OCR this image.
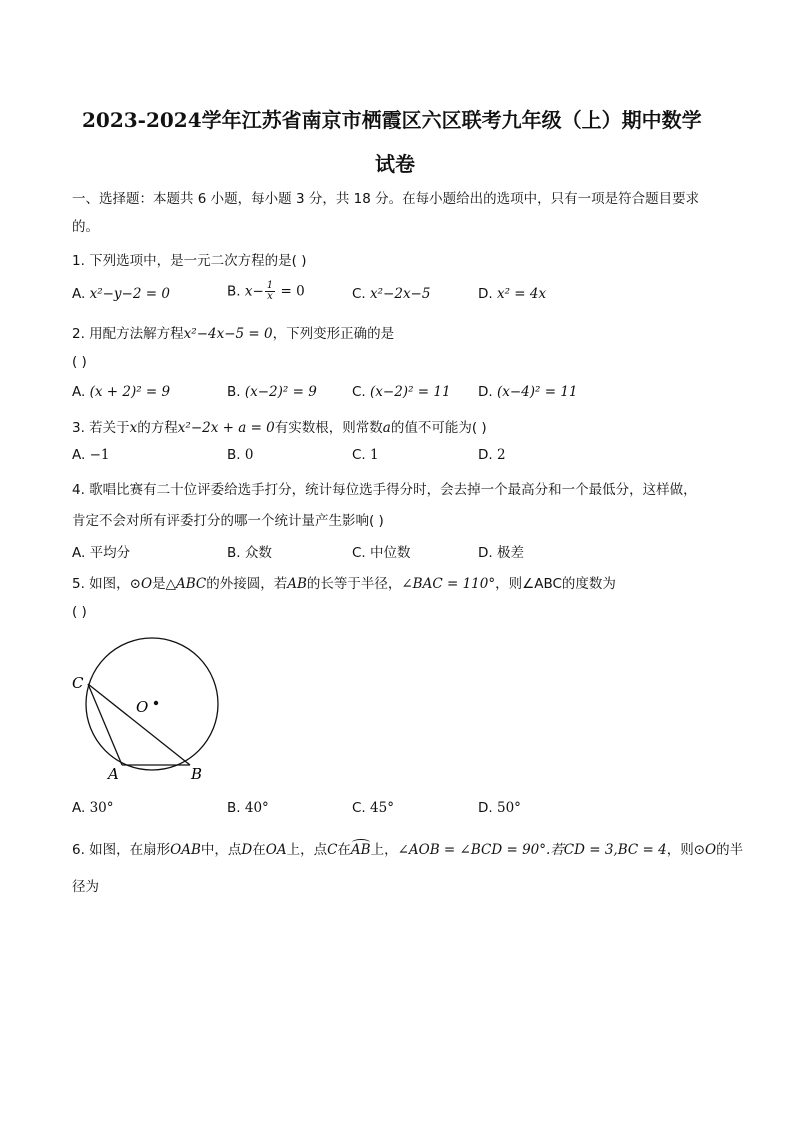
2023-2024学年江苏省南京市栖霞区六区联考九年级（上）期中数学
试卷
一、选择题：本题共 6 小题，每小题 3 分，共 18 分。在每小题给出的选项中，只有一项是符合题目要求
的。
1. 下列选项中，是一元二次方程的是( )
A. x²−y−2 = 0	B. $x- \frac{1}{x} = 0$	C. x²−2x−5	D. x² = 4x
2. 用配方法解方程x²−4x−5 = 0，下列变形正确的是
( )
A. (x + 2)² = 9	B. (x−2)² = 9	C. (x−2)² = 11 D. (x−4)² = 11
3. 若关于x的方程x²−2x + a = 0有实数根，则常数a的值不可能为( )
A. −1	B. 0	C. 1	D. 2
4. 歌唱比赛有二十位评委给选手打分，统计每位选手得分时，会去掉一个最高分和一个最低分，这样做，
肯定不会对所有评委打分的哪一个统计量产生影响( )
A. 平均分	B. 众数	C. 中位数	D. 极差
5. 如图，⊙O是△ABC的外接圆，若AB的长等于半径，∠BAC = 110°，则∠ABC的度数为
( )
C
O
A	B
A. 30°	B. 40°	C. 45°	D. 50°
6. 如图，在扇形OAB中，点D在OA上，点C在AB上，∠AOB = ∠BCD = 90°.若CD = 3,BC = 4，则⊙O的半
径为
